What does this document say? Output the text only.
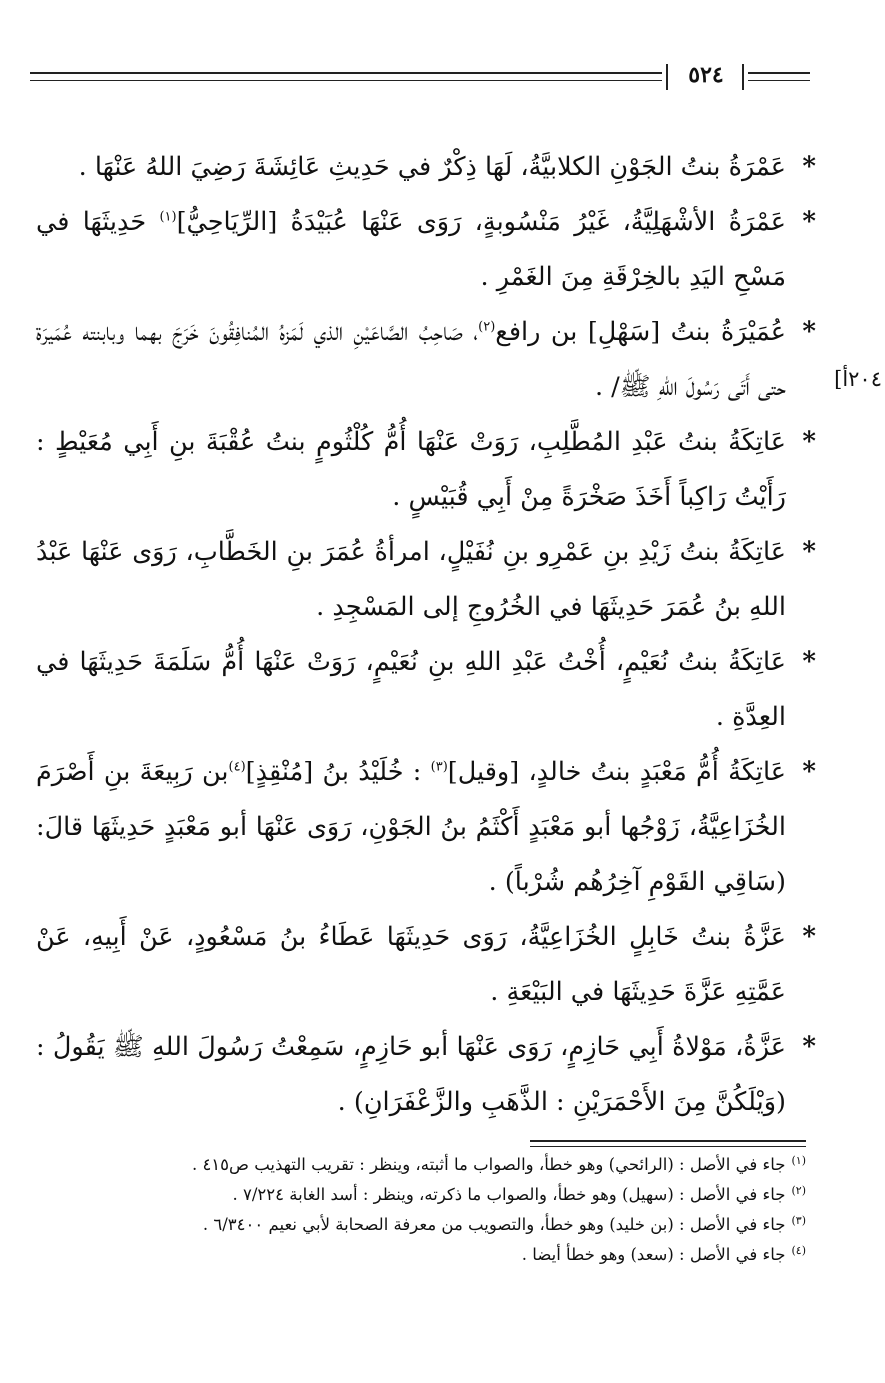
٥٢٤
٢٠٤أ]
*
عَمْرَةُ بنتُ الجَوْنِ الكلابيَّةُ، لَهَا ذِكْرٌ في حَدِيثِ عَائِشَةَ رَضِيَ اللهُ عَنْهَا .
*
عَمْرَةُ الأشْهَلِيَّةُ، غَيْرُ مَنْسُوبةٍ، رَوَى عَنْهَا عُبَيْدَةُ [الرِّيَاحِيُّ]$^{(١)}$ حَدِيثَهَا في مَسْحِ اليَدِ بالخِرْقَةِ مِنَ الغَمْرِ .
*
عُمَيْرَةُ بنتُ [سَهْلِ] بن رافع$^{(٢)}$، صَاحِبُ الصَّاعَيْنِ الذي لَمَزهُ المُنافِقُونَ خَرَجَ بهما وبابنته عُمَيرَة حتى أَتَى رَسُولَ اللهِ ﷺ/ .
*
عَاتِكَةُ بنتُ عَبْدِ المُطَّلِبِ، رَوَتْ عَنْهَا أُمُّ كُلْثُومٍ بنتُ عُقْبَةَ بنِ أَبِي مُعَيْطٍ : رَأَيْتُ رَاكِباً أَخَذَ صَخْرَةً مِنْ أَبِي قُبَيْسٍ .
*
عَاتِكَةُ بنتُ زَيْدِ بنِ عَمْرِو بنِ نُفَيْلٍ، امرأةُ عُمَرَ بنِ الخَطَّابِ، رَوَى عَنْهَا عَبْدُ اللهِ بنُ عُمَرَ حَدِيثَهَا في الخُرُوجِ إلى المَسْجِدِ .
*
عَاتِكَةُ بنتُ نُعَيْمٍ، أُخْتُ عَبْدِ اللهِ بنِ نُعَيْمٍ، رَوَتْ عَنْهَا أُمُّ سَلَمَةَ حَدِيثَهَا في العِدَّةِ .
*
عَاتِكَةُ أُمُّ مَعْبَدٍ بنتُ خالدٍ، [وقيل]$^{(٣)}$ : خُلَيْدُ بنُ [مُنْقِذٍ]$^{(٤)}$بن رَبِيعَةَ بنِ أَصْرَمَ الخُزَاعِيَّةُ، زَوْجُها أبو مَعْبَدٍ أَكْثَمُ بنُ الجَوْنِ، رَوَى عَنْهَا أبو مَعْبَدٍ حَدِيثَهَا قالَ: (سَاقِي القَوْمِ آخِرُهُم شُرْباً) .
*
عَزَّةُ بنتُ خَابِلٍ الخُزَاعِيَّةُ، رَوَى حَدِيثَهَا عَطَاءُ بنُ مَسْعُودٍ، عَنْ أَبِيهِ، عَنْ عَمَّتِهِ عَزَّةَ حَدِيثَهَا في البَيْعَةِ .
*
عَزَّةُ، مَوْلاةُ أَبِي حَازِمٍ، رَوَى عَنْهَا أبو حَازِمٍ، سَمِعْتُ رَسُولَ اللهِ ﷺ يَقُولُ : (وَيْلَكُنَّ مِنَ الأَحْمَرَيْنِ : الذَّهَبِ والزَّعْفَرَانِ) .
$^{(١)}$جاء في الأصل : (الرائحي) وهو خطأ، والصواب ما أثبته، وينظر : تقريب التهذيب ص٤١٥ .
$^{(٢)}$جاء في الأصل : (سهيل) وهو خطأ، والصواب ما ذكرته، وينظر : أسد الغابة ٧/٢٢٤ .
$^{(٣)}$جاء في الأصل : (بن خليد) وهو خطأ، والتصويب من معرفة الصحابة لأبي نعيم ٦/٣٤٠٠ .
$^{(٤)}$جاء في الأصل : (سعد) وهو خطأ أيضا .
